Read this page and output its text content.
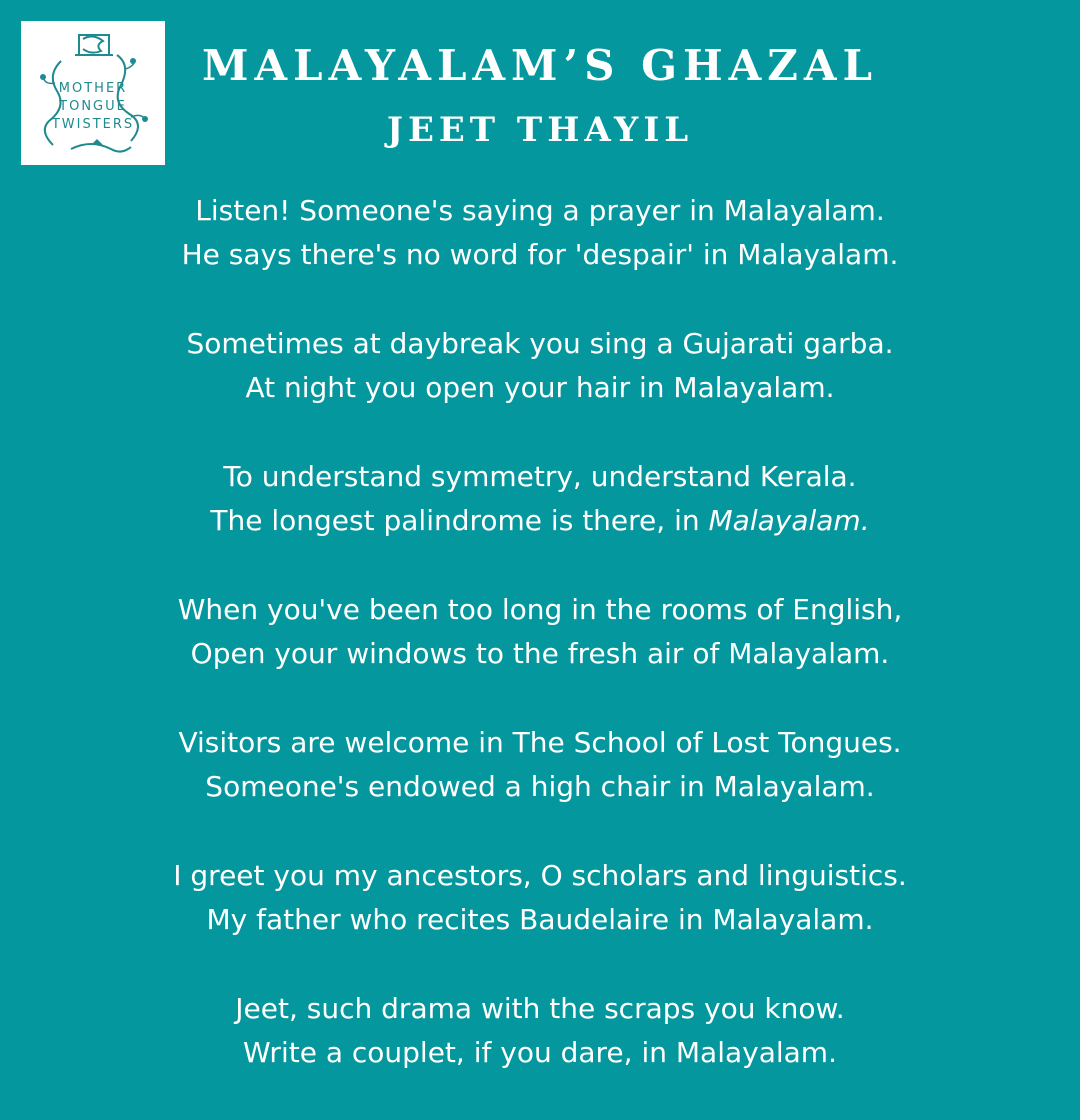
MOTHER
TONGUE
TWISTERS
MALAYALAM’S GHAZAL
JEET THAYIL
Listen! Someone's saying a prayer in Malayalam.
He says there's no word for 'despair' in Malayalam.
Sometimes at daybreak you sing a Gujarati garba.
At night you open your hair in Malayalam.
To understand symmetry, understand Kerala.
The longest palindrome is there, in Malayalam.
When you've been too long in the rooms of English,
Open your windows to the fresh air of Malayalam.
Visitors are welcome in The School of Lost Tongues.
Someone's endowed a high chair in Malayalam.
I greet you my ancestors, O scholars and linguistics.
My father who recites Baudelaire in Malayalam.
Jeet, such drama with the scraps you know.
Write a couplet, if you dare, in Malayalam.
